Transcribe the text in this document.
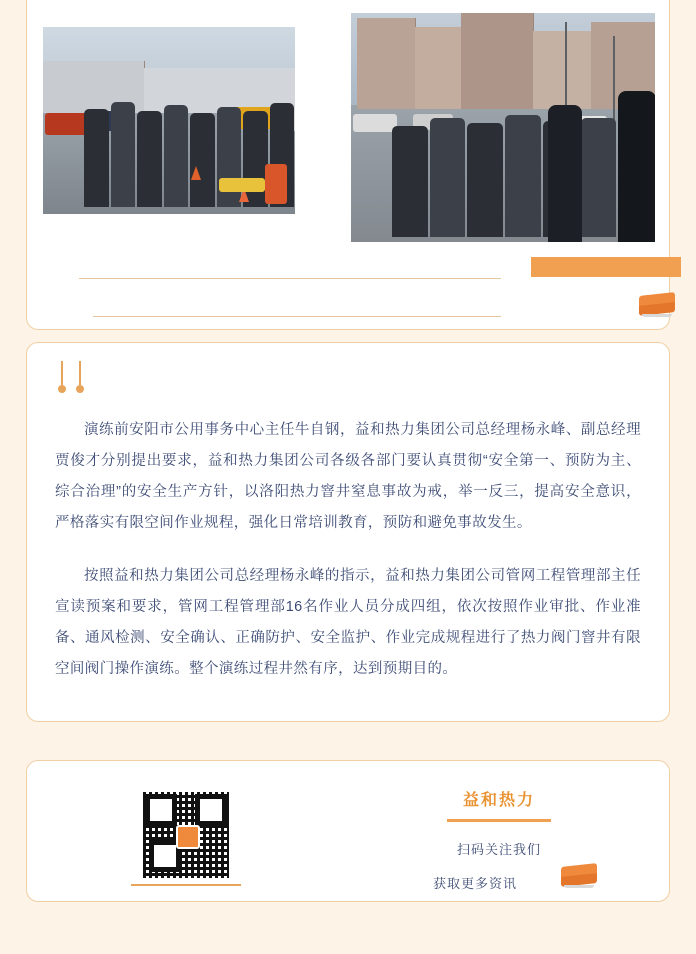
演练前安阳市公用事务中心主任牛自钢，益和热力集团公司总经理杨永峰、副总经理贾俊才分别提出要求，益和热力集团公司各级各部门要认真贯彻“安全第一、预防为主、综合治理”的安全生产方针，以洛阳热力窨井窒息事故为戒，举一反三，提高安全意识，严格落实有限空间作业规程，强化日常培训教育，预防和避免事故发生。

按照益和热力集团公司总经理杨永峰的指示，益和热力集团公司管网工程管理部主任宣读预案和要求，管网工程管理部16名作业人员分成四组，依次按照作业审批、作业准备、通风检测、安全确认、正确防护、安全监护、作业完成规程进行了热力阀门窨井有限空间阀门操作演练。整个演练过程井然有序，达到预期目的。

益和热力
扫码关注我们
获取更多资讯
